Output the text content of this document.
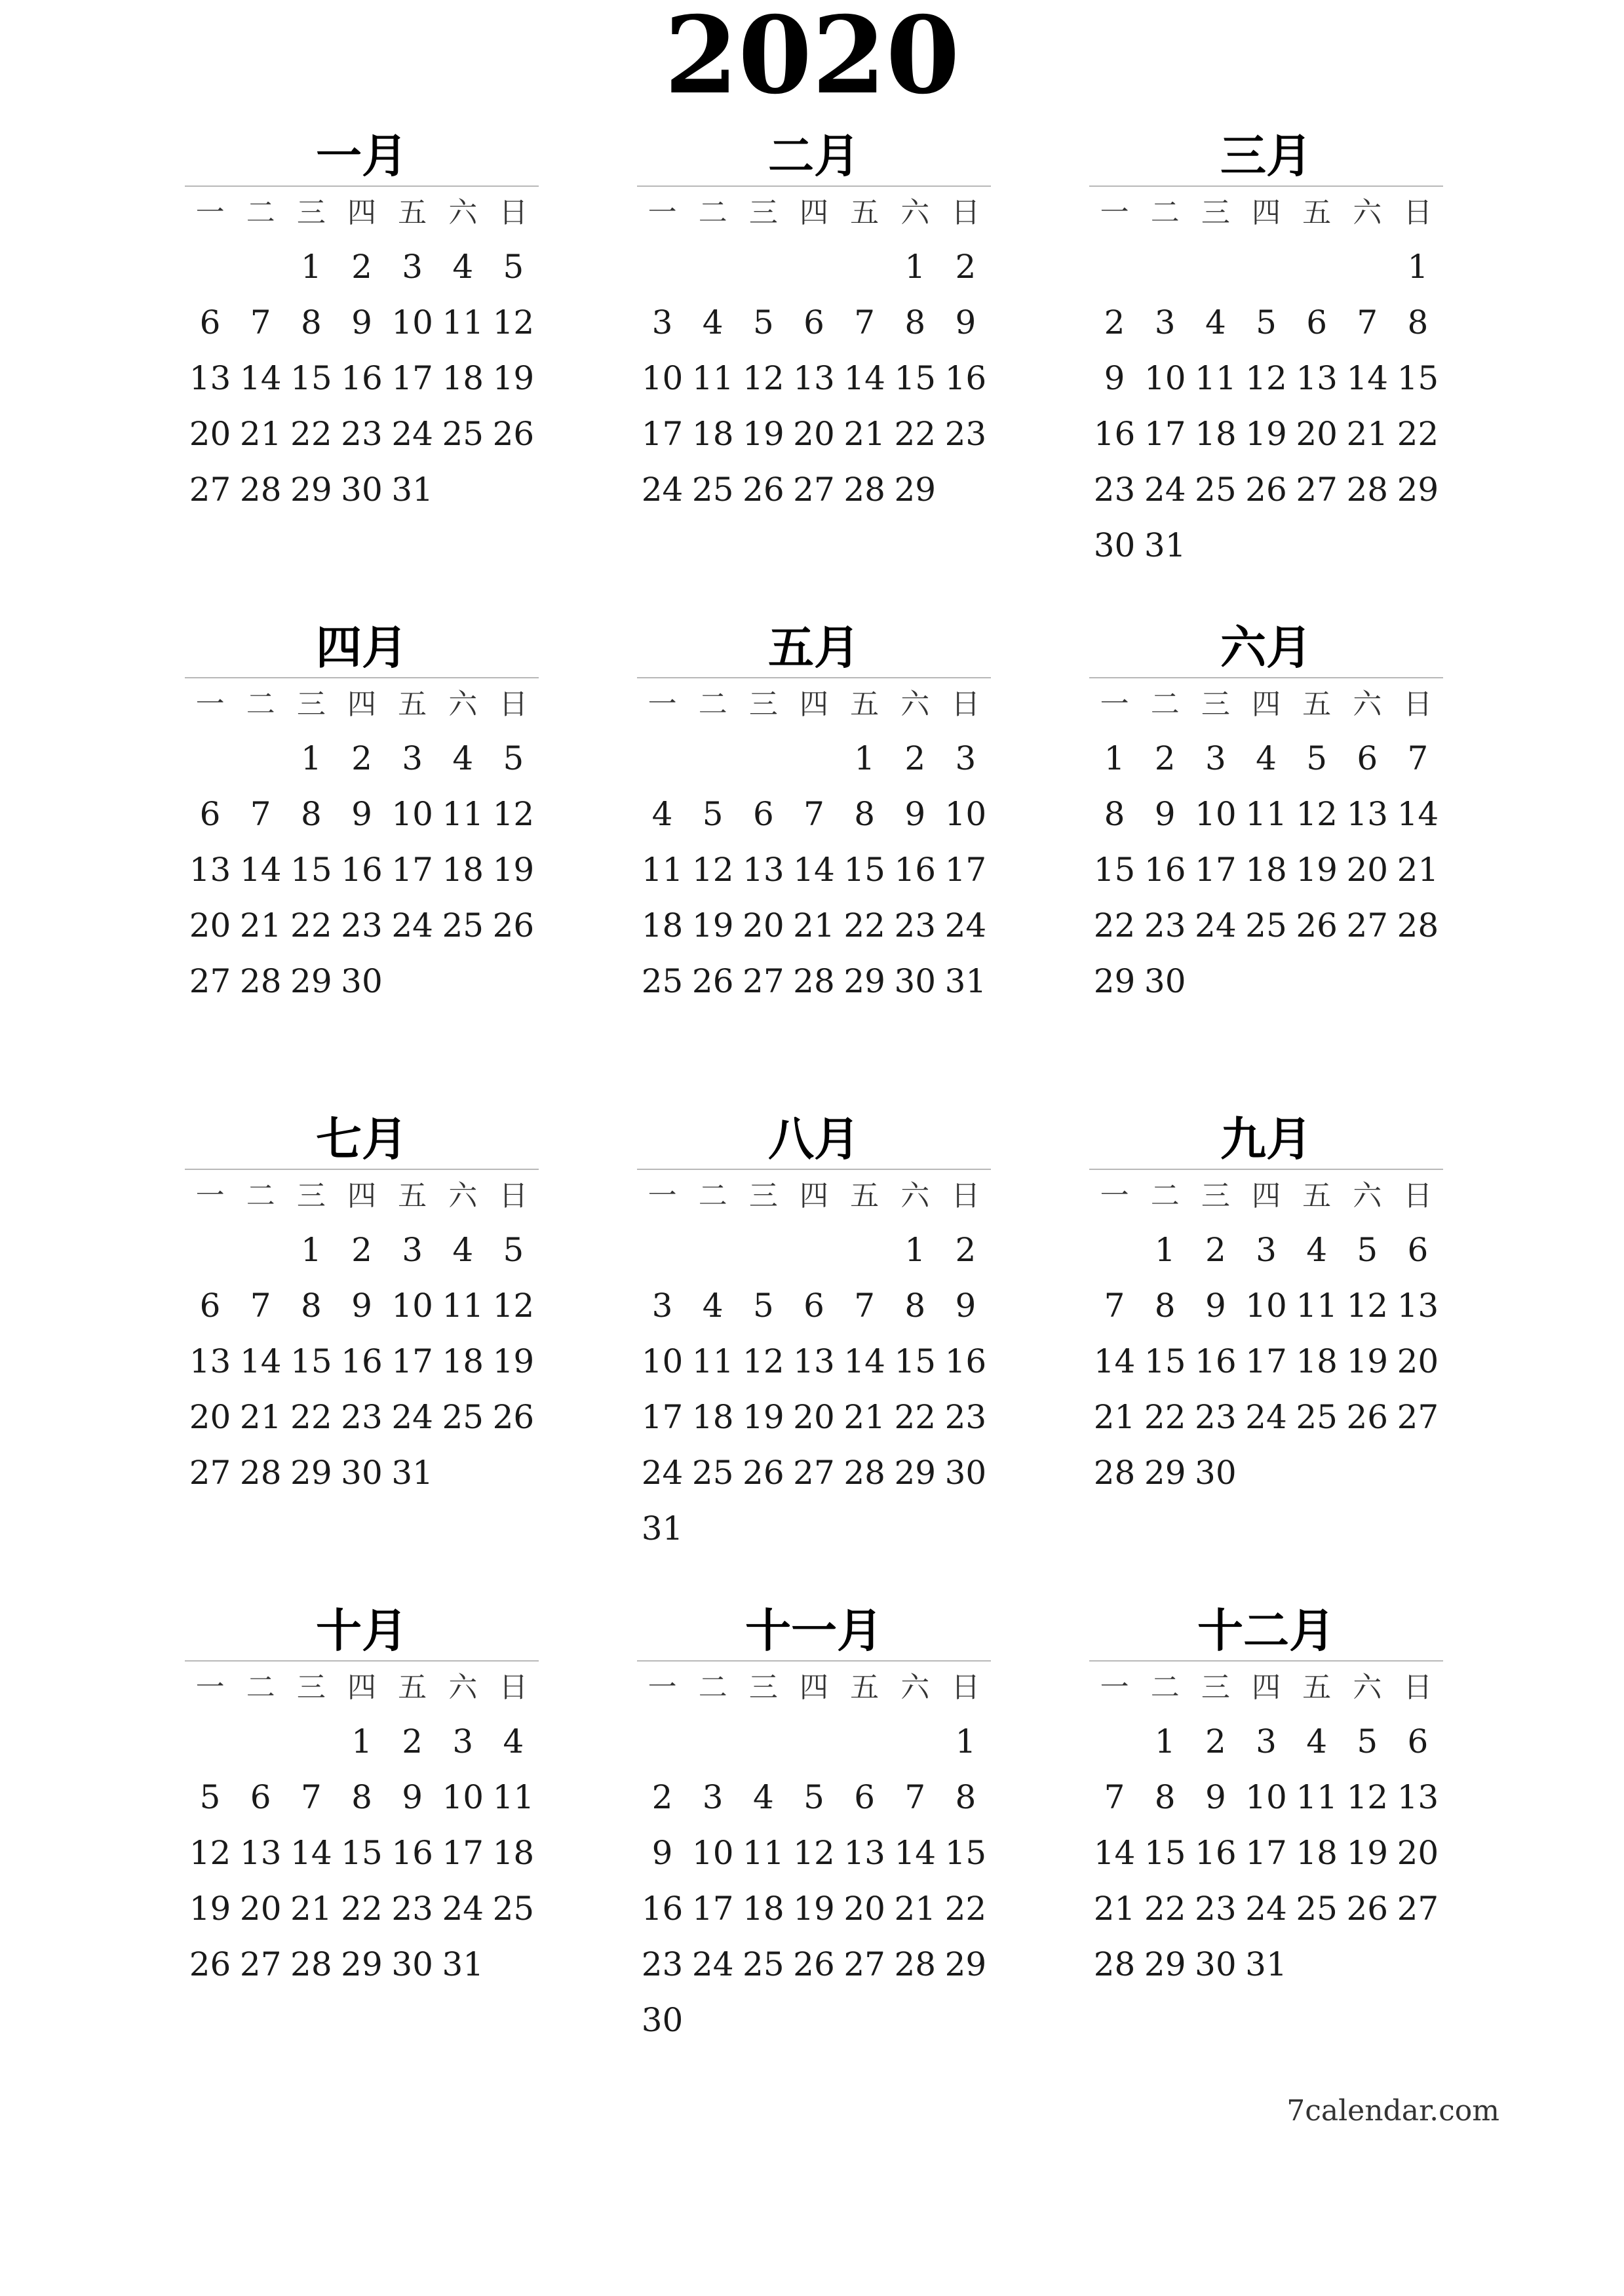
2020
一月
一 二 三 四 五 六 日
1 2 3 4 5
6 7 8 9 10 11 12
13 14 15 16 17 18 19
20 21 22 23 24 25 26
27 28 29 30 31
二月
一 二 三 四 五 六 日
1 2
3 4 5 6 7 8 9
10 11 12 13 14 15 16
17 18 19 20 21 22 23
24 25 26 27 28 29
三月
一 二 三 四 五 六 日
1
2 3 4 5 6 7 8
9 10 11 12 13 14 15
16 17 18 19 20 21 22
23 24 25 26 27 28 29
30 31
四月
一 二 三 四 五 六 日
1 2 3 4 5
6 7 8 9 10 11 12
13 14 15 16 17 18 19
20 21 22 23 24 25 26
27 28 29 30
五月
一 二 三 四 五 六 日
1 2 3
4 5 6 7 8 9 10
11 12 13 14 15 16 17
18 19 20 21 22 23 24
25 26 27 28 29 30 31
六月
一 二 三 四 五 六 日
1 2 3 4 5 6 7
8 9 10 11 12 13 14
15 16 17 18 19 20 21
22 23 24 25 26 27 28
29 30
七月
一 二 三 四 五 六 日
1 2 3 4 5
6 7 8 9 10 11 12
13 14 15 16 17 18 19
20 21 22 23 24 25 26
27 28 29 30 31
八月
一 二 三 四 五 六 日
1 2
3 4 5 6 7 8 9
10 11 12 13 14 15 16
17 18 19 20 21 22 23
24 25 26 27 28 29 30
31
九月
一 二 三 四 五 六 日
1 2 3 4 5 6
7 8 9 10 11 12 13
14 15 16 17 18 19 20
21 22 23 24 25 26 27
28 29 30
十月
一 二 三 四 五 六 日
1 2 3 4
5 6 7 8 9 10 11
12 13 14 15 16 17 18
19 20 21 22 23 24 25
26 27 28 29 30 31
十一月
一 二 三 四 五 六 日
1
2 3 4 5 6 7 8
9 10 11 12 13 14 15
16 17 18 19 20 21 22
23 24 25 26 27 28 29
30
十二月
一 二 三 四 五 六 日
1 2 3 4 5 6
7 8 9 10 11 12 13
14 15 16 17 18 19 20
21 22 23 24 25 26 27
28 29 30 31
7calendar.com
